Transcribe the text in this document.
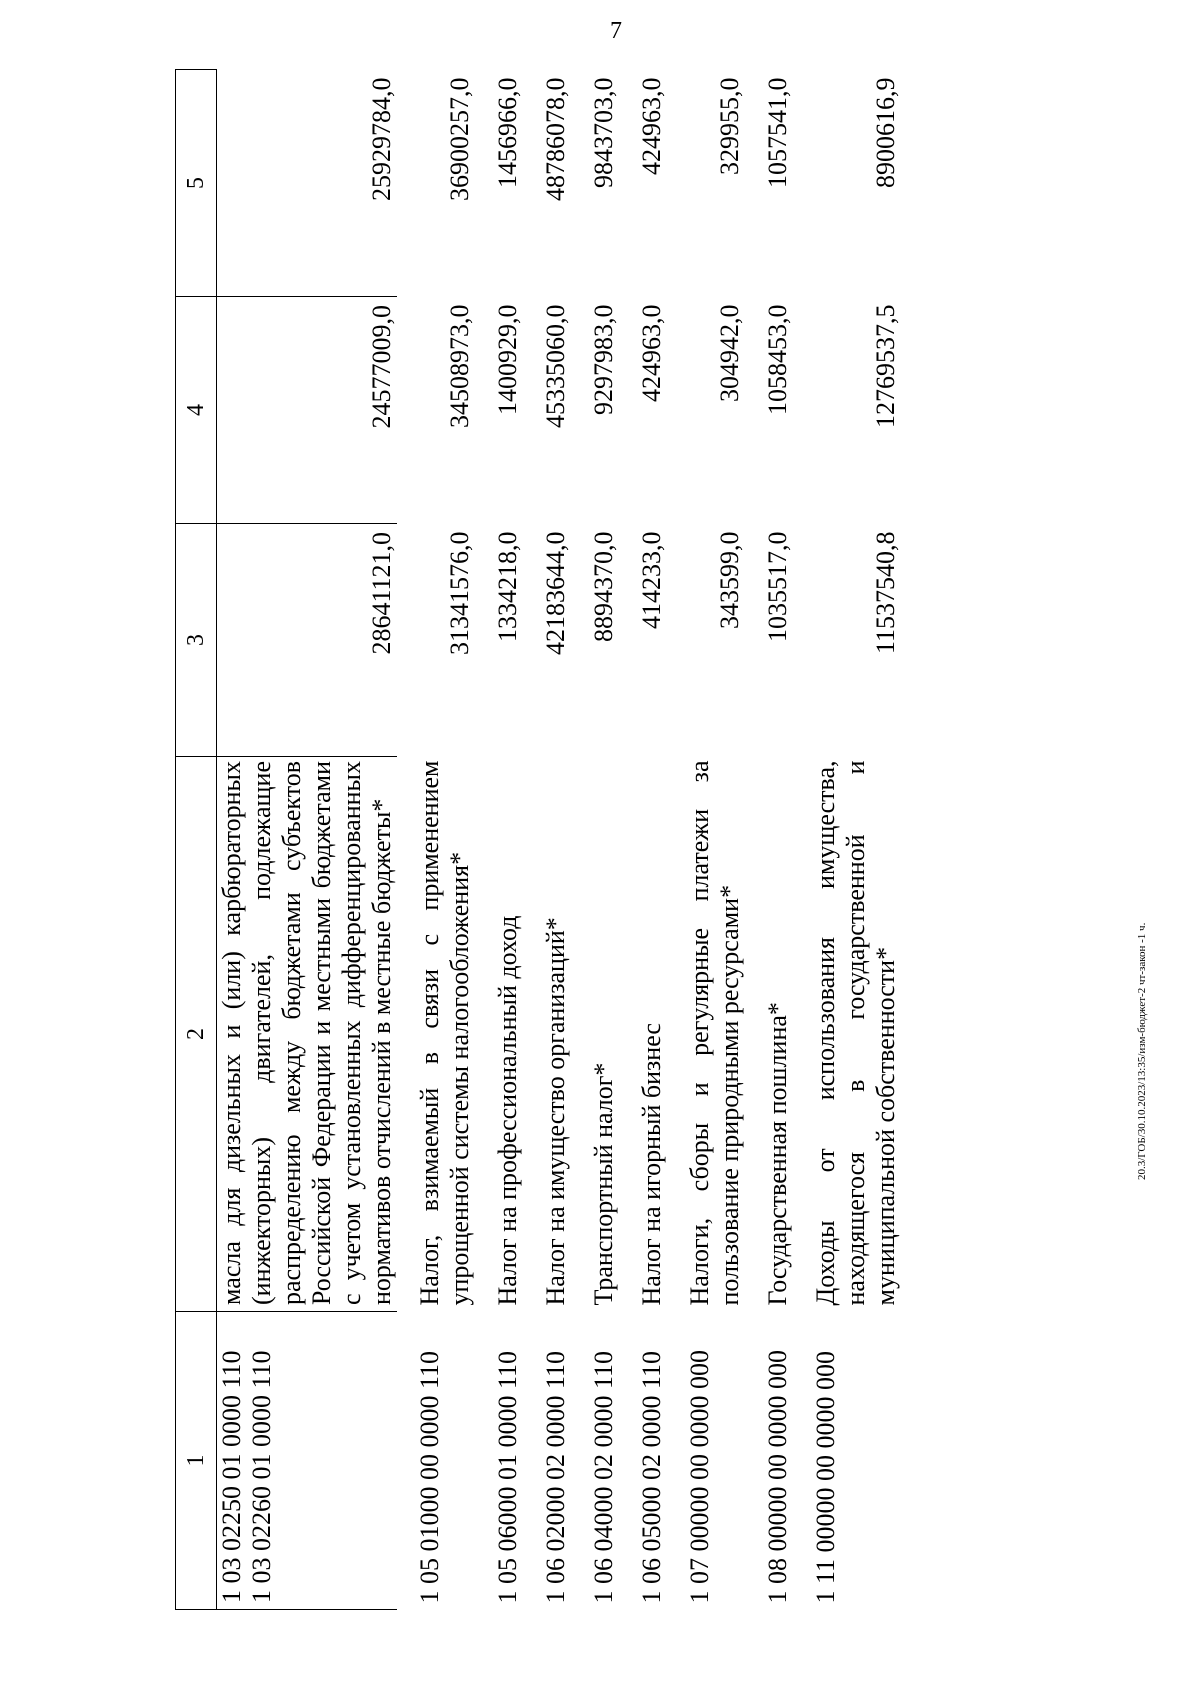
7
1	2	3	4	5

1 03 02250 01 0000 110 1 03 02260 01 0000 110	масла для дизельных и (или) карбюраторных (инжекторных) двигателей, подлежащие распределению между бюджетами субъектов Российской Федерации и местными бюджетами с учетом установленных дифференцированных нормативов отчислений в местные бюджеты*	28641121,0	24577009,0	25929784,0
1 05 01000 00 0000 110	Налог, взимаемый в связи с применением упрощенной системы налогообложения*	31341576,0	34508973,0	36900257,0
1 05 06000 01 0000 110	Налог на профессиональный доход	1334218,0	1400929,0	1456966,0
1 06 02000 02 0000 110	Налог на имущество организаций*	42183644,0	45335060,0	48786078,0
1 06 04000 02 0000 110	Транспортный налог*	8894370,0	9297983,0	9843703,0
1 06 05000 02 0000 110	Налог на игорный бизнес	414233,0	424963,0	424963,0
1 07 00000 00 0000 000	Налоги, сборы и регулярные платежи за пользование природными ресурсами*	343599,0	304942,0	329955,0
1 08 00000 00 0000 000	Государственная пошлина*	1035517,0	1058453,0	1057541,0
1 11 00000 00 0000 000	Доходы от использования имущества, находящегося в государственной и муниципальной собственности*	11537540,8	12769537,5	8900616,9
20.3/ГОБ/30.10.2023/13:35/изм-бюджет-2 чт-закон -1 ч.
